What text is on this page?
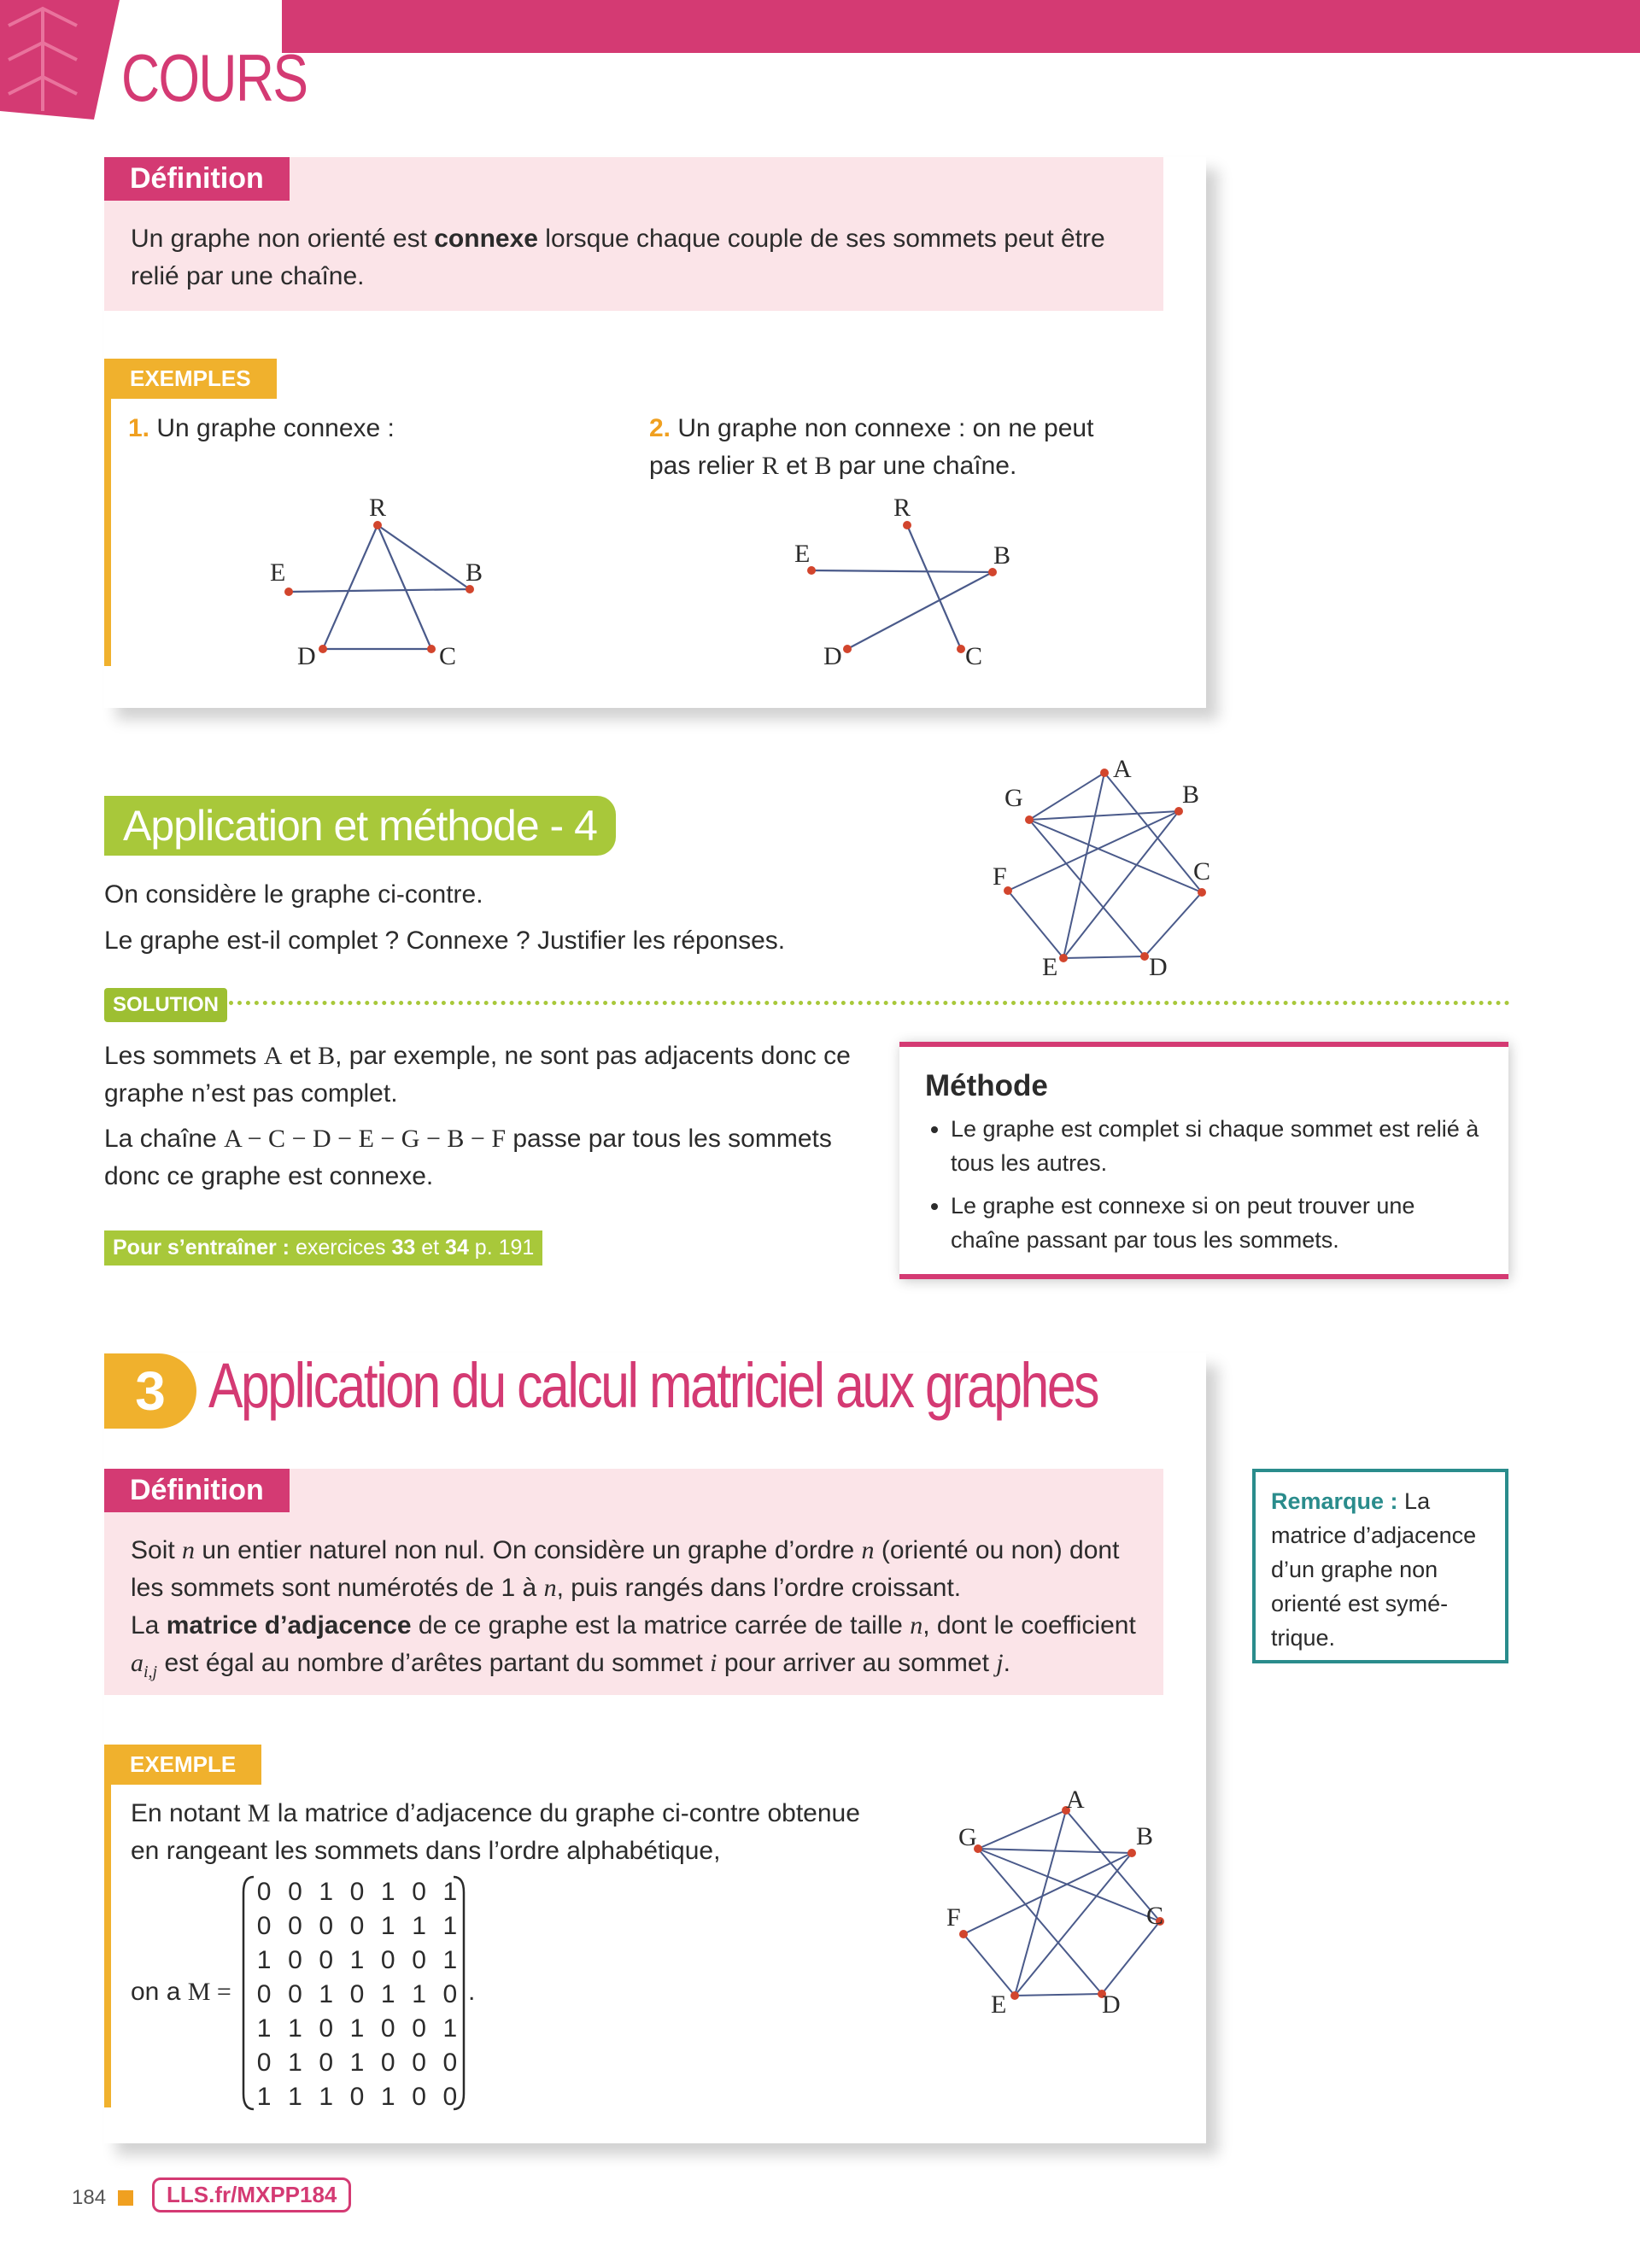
COURS
Définition
Un graphe non orienté est connexe lorsque chaque couple de ses sommets peut être relié par une chaîne.
EXEMPLES
1. Un graphe connexe :	2. Un graphe non connexe : on ne peut pas relier R et B par une chaîne.
R
E	B
D	C
R
E	B
D	C
Application et méthode - 4
On considère le graphe ci-contre.
Le graphe est-il complet ? Connexe ? Justifier les réponses.
A
B
C
D
E
F
G
SOLUTION
Les sommets A et B, par exemple, ne sont pas adjacents donc ce graphe n’est pas complet.
La chaîne A − C − D − E − G − B − F passe par tous les sommets donc ce graphe est connexe.
Pour s’entraîner : exercices 33 et 34 p. 191
Méthode
• Le graphe est complet si chaque sommet est relié à tous les autres.
• Le graphe est connexe si on peut trouver une chaîne passant par tous les sommets.
3 Application du calcul matriciel aux graphes
Définition
Soit n un entier naturel non nul. On considère un graphe d’ordre n (orienté ou non) dont les sommets sont numérotés de 1 à n, puis rangés dans l’ordre croissant.
La matrice d’adjacence de ce graphe est la matrice carrée de taille n, dont le coefficient $a_{i,j}$ est égal au nombre d’arêtes partant du sommet i pour arriver au sommet j.
Remarque : La matrice d’adjacence d’un graphe non orienté est symétrique.
EXEMPLE
En notant M la matrice d’adjacence du graphe ci-contre obtenue en rangeant les sommets dans l’ordre alphabétique,
on a M =
0	0	1	0	1	0	1
0	0	0	0	1	1	1
1	0	0	1	0	0	1
0	0	1	0	1	1	0
1	1	0	1	0	0	1
0	1	0	1	0	0	0
1	1	1	0	1	0	0
.
A
B
C
D
E
F
G
184	LLS.fr/MXPP184
